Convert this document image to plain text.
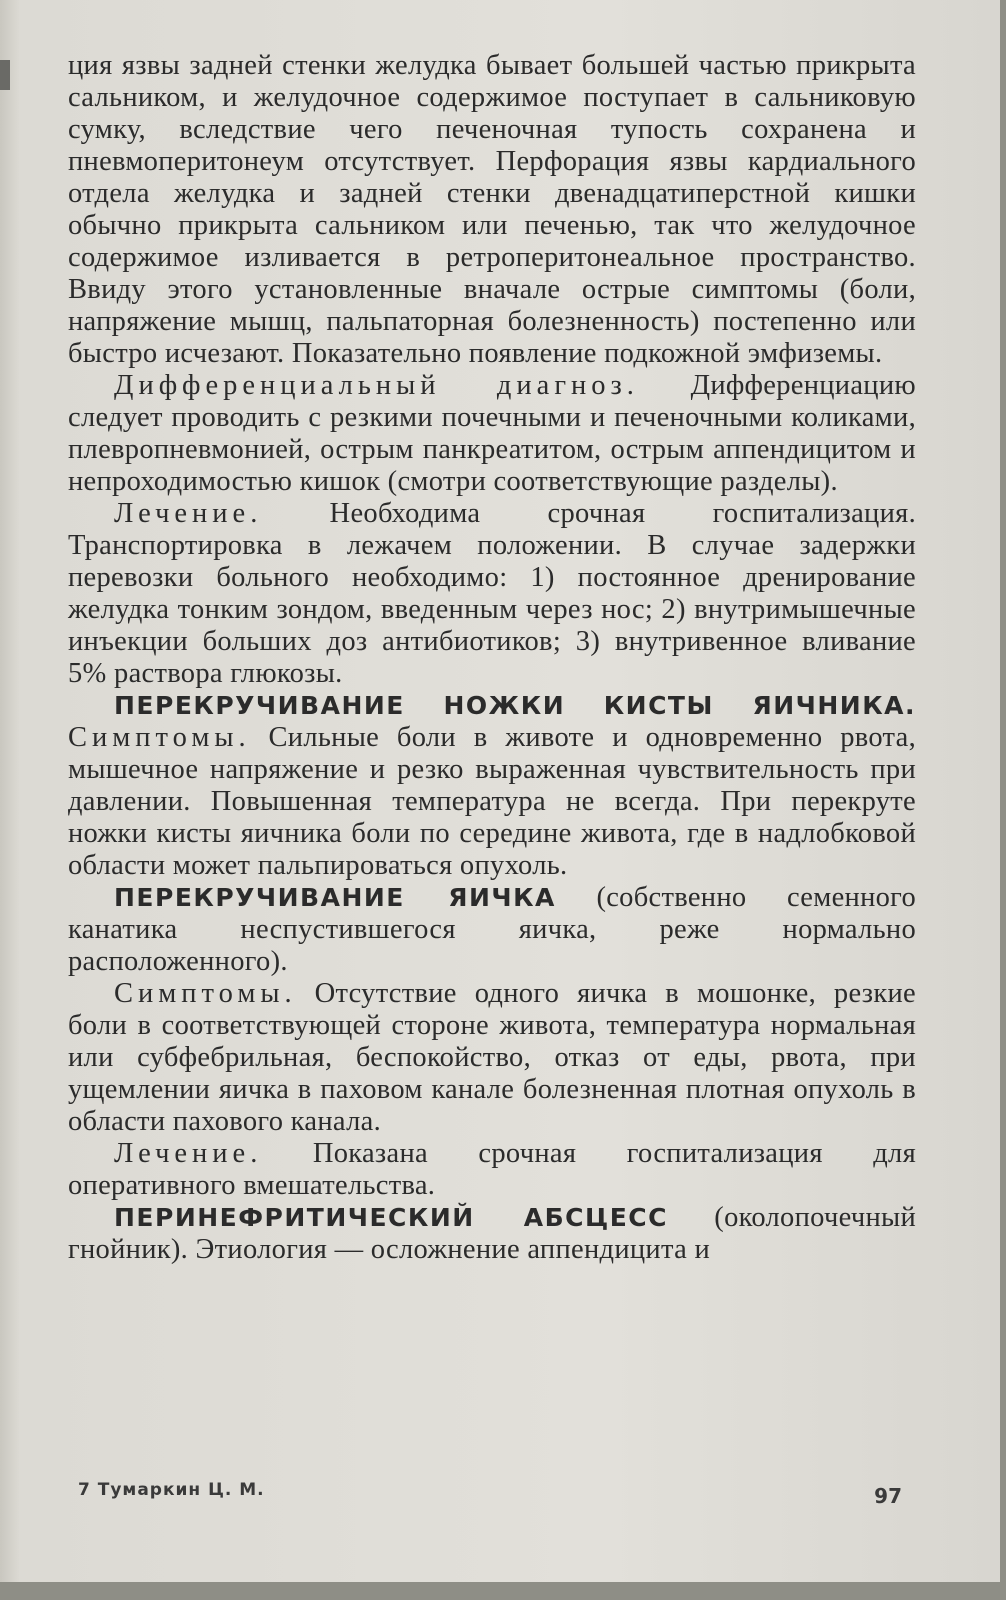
ция язвы задней стенки желудка бывает большей частью прикрыта сальником, и желудочное содержимое поступает в сальниковую сумку, вследствие чего печеночная тупость сохранена и пневмоперитонеум отсутствует. Перфорация язвы кардиального отдела желудка и задней стенки двенадцатиперстной кишки обычно прикрыта сальником или печенью, так что желудочное содержимое изливается в ретроперитонеальное пространство. Ввиду этого установленные вначале острые симптомы (боли, напряжение мышц, пальпаторная болезненность) постепенно или быстро исчезают. Показательно появление подкожной эмфиземы.

Дифференциальный диагноз. Дифференциацию следует проводить с резкими почечными и печеночными коликами, плевропневмонией, острым панкреатитом, острым аппендицитом и непроходимостью кишок (смотри соответствующие разделы).

Лечение. Необходима срочная госпитализация. Транспортировка в лежачем положении. В случае задержки перевозки больного необходимо: 1) постоянное дренирование желудка тонким зондом, введенным через нос; 2) внутримышечные инъекции больших доз антибиотиков; 3) внутривенное вливание 5% раствора глюкозы.

ПЕРЕКРУЧИВАНИЕ НОЖКИ КИСТЫ ЯИЧНИКА. Симптомы. Сильные боли в животе и одновременно рвота, мышечное напряжение и резко выраженная чувствительность при давлении. Повышенная температура не всегда. При перекруте ножки кисты яичника боли по середине живота, где в надлобковой области может пальпироваться опухоль.

ПЕРЕКРУЧИВАНИЕ ЯИЧКА (собственно семенного канатика неспустившегося яичка, реже нормально расположенного).

Симптомы. Отсутствие одного яичка в мошонке, резкие боли в соответствующей стороне живота, температура нормальная или субфебрильная, беспокойство, отказ от еды, рвота, при ущемлении яичка в паховом канале болезненная плотная опухоль в области пахового канала.

Лечение. Показана срочная госпитализация для оперативного вмешательства.

ПЕРИНЕФРИТИЧЕСКИЙ АБСЦЕСС (околопочечный гнойник). Этиология — осложнение аппендицита и

7 Тумаркин Ц. М.	97
